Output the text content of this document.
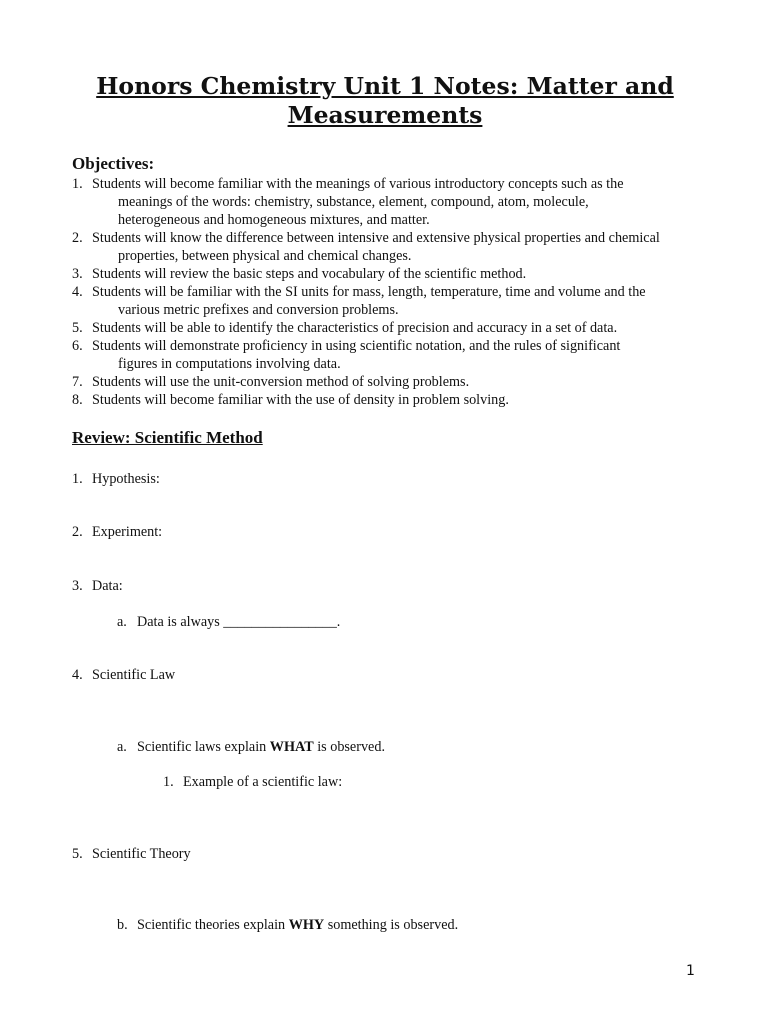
Honors Chemistry Unit 1 Notes: Matter and
Measurements
Objectives:
1. Students will become familiar with the meanings of various introductory concepts such as the
meanings of the words: chemistry, substance, element, compound, atom, molecule,
heterogeneous and homogeneous mixtures, and matter.
2. Students will know the difference between intensive and extensive physical properties and chemical
properties, between physical and chemical changes.
3. Students will review the basic steps and vocabulary of the scientific method.
4. Students will be familiar with the SI units for mass, length, temperature, time and volume and the
various metric prefixes and conversion problems.
5. Students will be able to identify the characteristics of precision and accuracy in a set of data.
6. Students will demonstrate proficiency in using scientific notation, and the rules of significant
figures in computations involving data.
7. Students will use the unit-conversion method of solving problems.
8. Students will become familiar with the use of density in problem solving.
Review: Scientific Method
1. Hypothesis:
2. Experiment:
3. Data:
a. Data is always ________________.
4. Scientific Law
a. Scientific laws explain WHAT is observed.
1. Example of a scientific law:
5. Scientific Theory
b. Scientific theories explain WHY something is observed.
1
